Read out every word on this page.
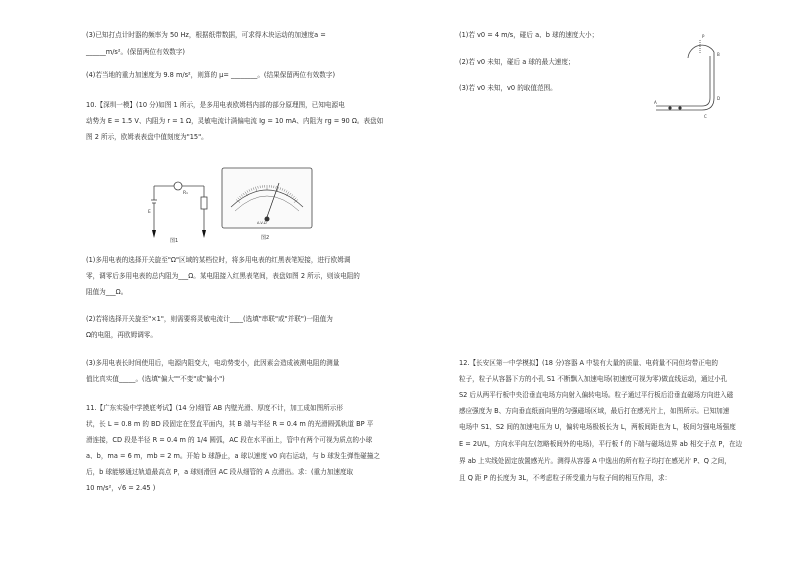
(3)已知打点计时器的频率为 50 Hz，根据纸带数据，可求得木块运动的加速度a =
______m/s²。(保留两位有效数字)
(4)若当地的重力加速度为 9.8 m/s²，则算的 μ= ________。(结果保留两位有效数字)
10.【深圳一模】(10 分)如图 1 所示，是多用电表欧姆档内部的部分原理图，已知电源电
动势为 E = 1.5 V、内阻为 r = 1 Ω，灵敏电流计满偏电流 Ig = 10 mA、内阻为 rg = 90 Ω。表盘如
图 2 所示，欧姆表表盘中值刻度为"15"。
R₁
E
图1
A-V-Ω
图2
(1)多用电表的选择开关旋至"Ω"区域的某档位时，将多用电表的红黑表笔短接，进行欧姆调
零，调零后多用电表的总内阻为___Ω。某电阻接入红黑表笔间，表盘如图 2 所示，则该电阻的
阻值为___Ω。
(2)若将选择开关旋至"×1"，则需要将灵敏电流计____(选填"串联"或"并联")一阻值为
Ω的电阻，再欧姆调零。
(3)多用电表长时间使用后，电源内阻变大，电动势变小，此因素会造成被测电阻的测量
值比真实值_____。(选填"偏大""不变"或"偏小")
11.【广东实验中学摸底考试】(14 分)细管 AB 内壁光滑、厚度不计，加工成如图所示形
状，长 L = 0.8 m 的 BD 段固定在竖直平面内，其 B 端与半径 R = 0.4 m 的光滑圆弧轨道 BP 平
滑连接，CD 段是半径 R = 0.4 m 的 1/4 圆弧，AC 段在水平面上，管中有两个可视为质点的小球
a、b，ma = 6 m，mb = 2 m。开始 b 球静止，a 球以速度 v0 向右运动，与 b 球发生弹性碰撞之
后，b 球能够通过轨道最高点 P，a 球则滑回 AC 段从细管的 A 点滑出。求：(重力加速度取
10 m/s²，√6 = 2.45 )
(1)若 v0 = 4 m/s，碰后 a、b 球的速度大小；
(2)若 v0 未知，碰后 a 球的最大速度；
(3)若 v0 未知，v0 的取值范围。
P
B
D
A
C
12.【长安区第一中学模拟】(18 分)容器 A 中装有大量的质量、电荷量不同但均带正电的
粒子，粒子从容器下方的小孔 S1 不断飘入加速电场(初速度可视为零)做直线运动，通过小孔
S2 后从两平行板中央沿垂直电场方向射入偏转电场。粒子通过平行板后沿垂直磁场方向进入磁
感应强度为 B、方向垂直纸面向里的匀强磁场区域，最后打在感光片上，如图所示。已知加速
电场中 S1、S2 间的加速电压为 U，偏转电场极板长为 L，两板间距也为 L，板间匀强电场强度
E = 2U/L，方向水平向左(忽略板间外的电场)，平行板 f 的下端与磁场边界 ab 相交于点 P，在边
界 ab 上实线处固定放置感光片。测得从容器 A 中逸出的所有粒子均打在感光片 P、Q 之间，
且 Q 距 P 的长度为 3L，不考虑粒子所受重力与粒子间的相互作用，求：
